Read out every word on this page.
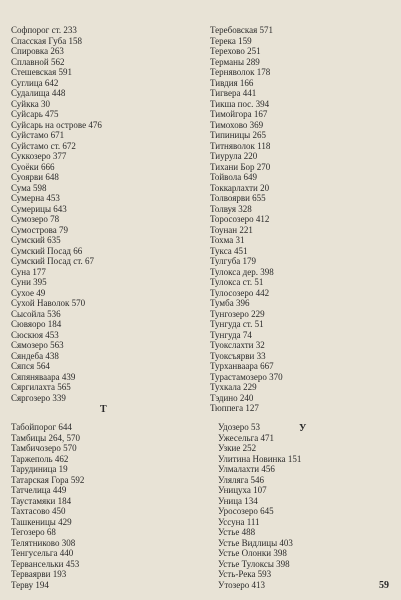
Софпорог ст. 233
Спасская Губа 158
Спировка 263
Сплавной 562
Стешевская 591
Суглица 642
Судалища 448
Суйкка 30
Суйсарь 475
Суйсарь на острове 476
Суйстамо 671
Суйстамо ст. 672
Суккозеро 377
Суоёки 666
Суоярви 648
Сума 598
Сумерна 453
Сумерицы 643
Сумозеро 78
Сумострова 79
Сумский 635
Сумский Посад 66
Сумский Посад ст. 67
Суна 177
Суни 395
Сухое 49
Сухой Наволок 570
Сысойла 536
Сювяоро 184
Сюскюя 453
Сямозеро 563
Сяндеба 438
Сяпся 564
Сяпяняваара 439
Сяргилахта 565
Сяргозеро 339
Теребовская 571
Терека 159
Терехово 251
Терманы 289
Терняволок 178
Тивдия 166
Тигвера 441
Тикша пос. 394
Тимойгора 167
Тимохово 369
Типиницы 265
Титняволок 118
Тиурула 220
Тихани Бор 270
Тойвола 649
Токкарлахти 20
Толвоярви 655
Толвуя 328
Торосозеро 412
Тоунан 221
Тохма 31
Тукса 451
Тулгуба 179
Тулокса дер. 398
Тулокса ст. 51
Тулосозеро 442
Тумба 396
Тунгозеро 229
Тунгуда ст. 51
Тунгуда 74
Туокслахти 32
Туоксъярви 33
Турханваара 667
Турастамозеро 370
Тухкала 229
Тэдино 240
Тюппега 127
Т
У
Табойпорог 644
Тамбицы 264, 570
Тамбичозеро 570
Таржеполь 462
Тарудиница 19
Татарская Гора 592
Татчелица 449
Таустамяки 184
Тахтасово 450
Ташкеницы 429
Тегозеро 68
Телятниково 308
Тенгусельга 440
Тервансельки 453
Терваярви 193
Терву 194
Удозеро 53
Ужесельга 471
Узкие 252
Улитина Новинка 151
Улмалахти 456
Уляляга 546
Уницуха 107
Уница 134
Уросозеро 645
Уссуна 111
Устье 488
Устье Видлицы 403
Устье Олонки 398
Устье Тулоксы 398
Усть-Река 593
Утозеро 413	59
